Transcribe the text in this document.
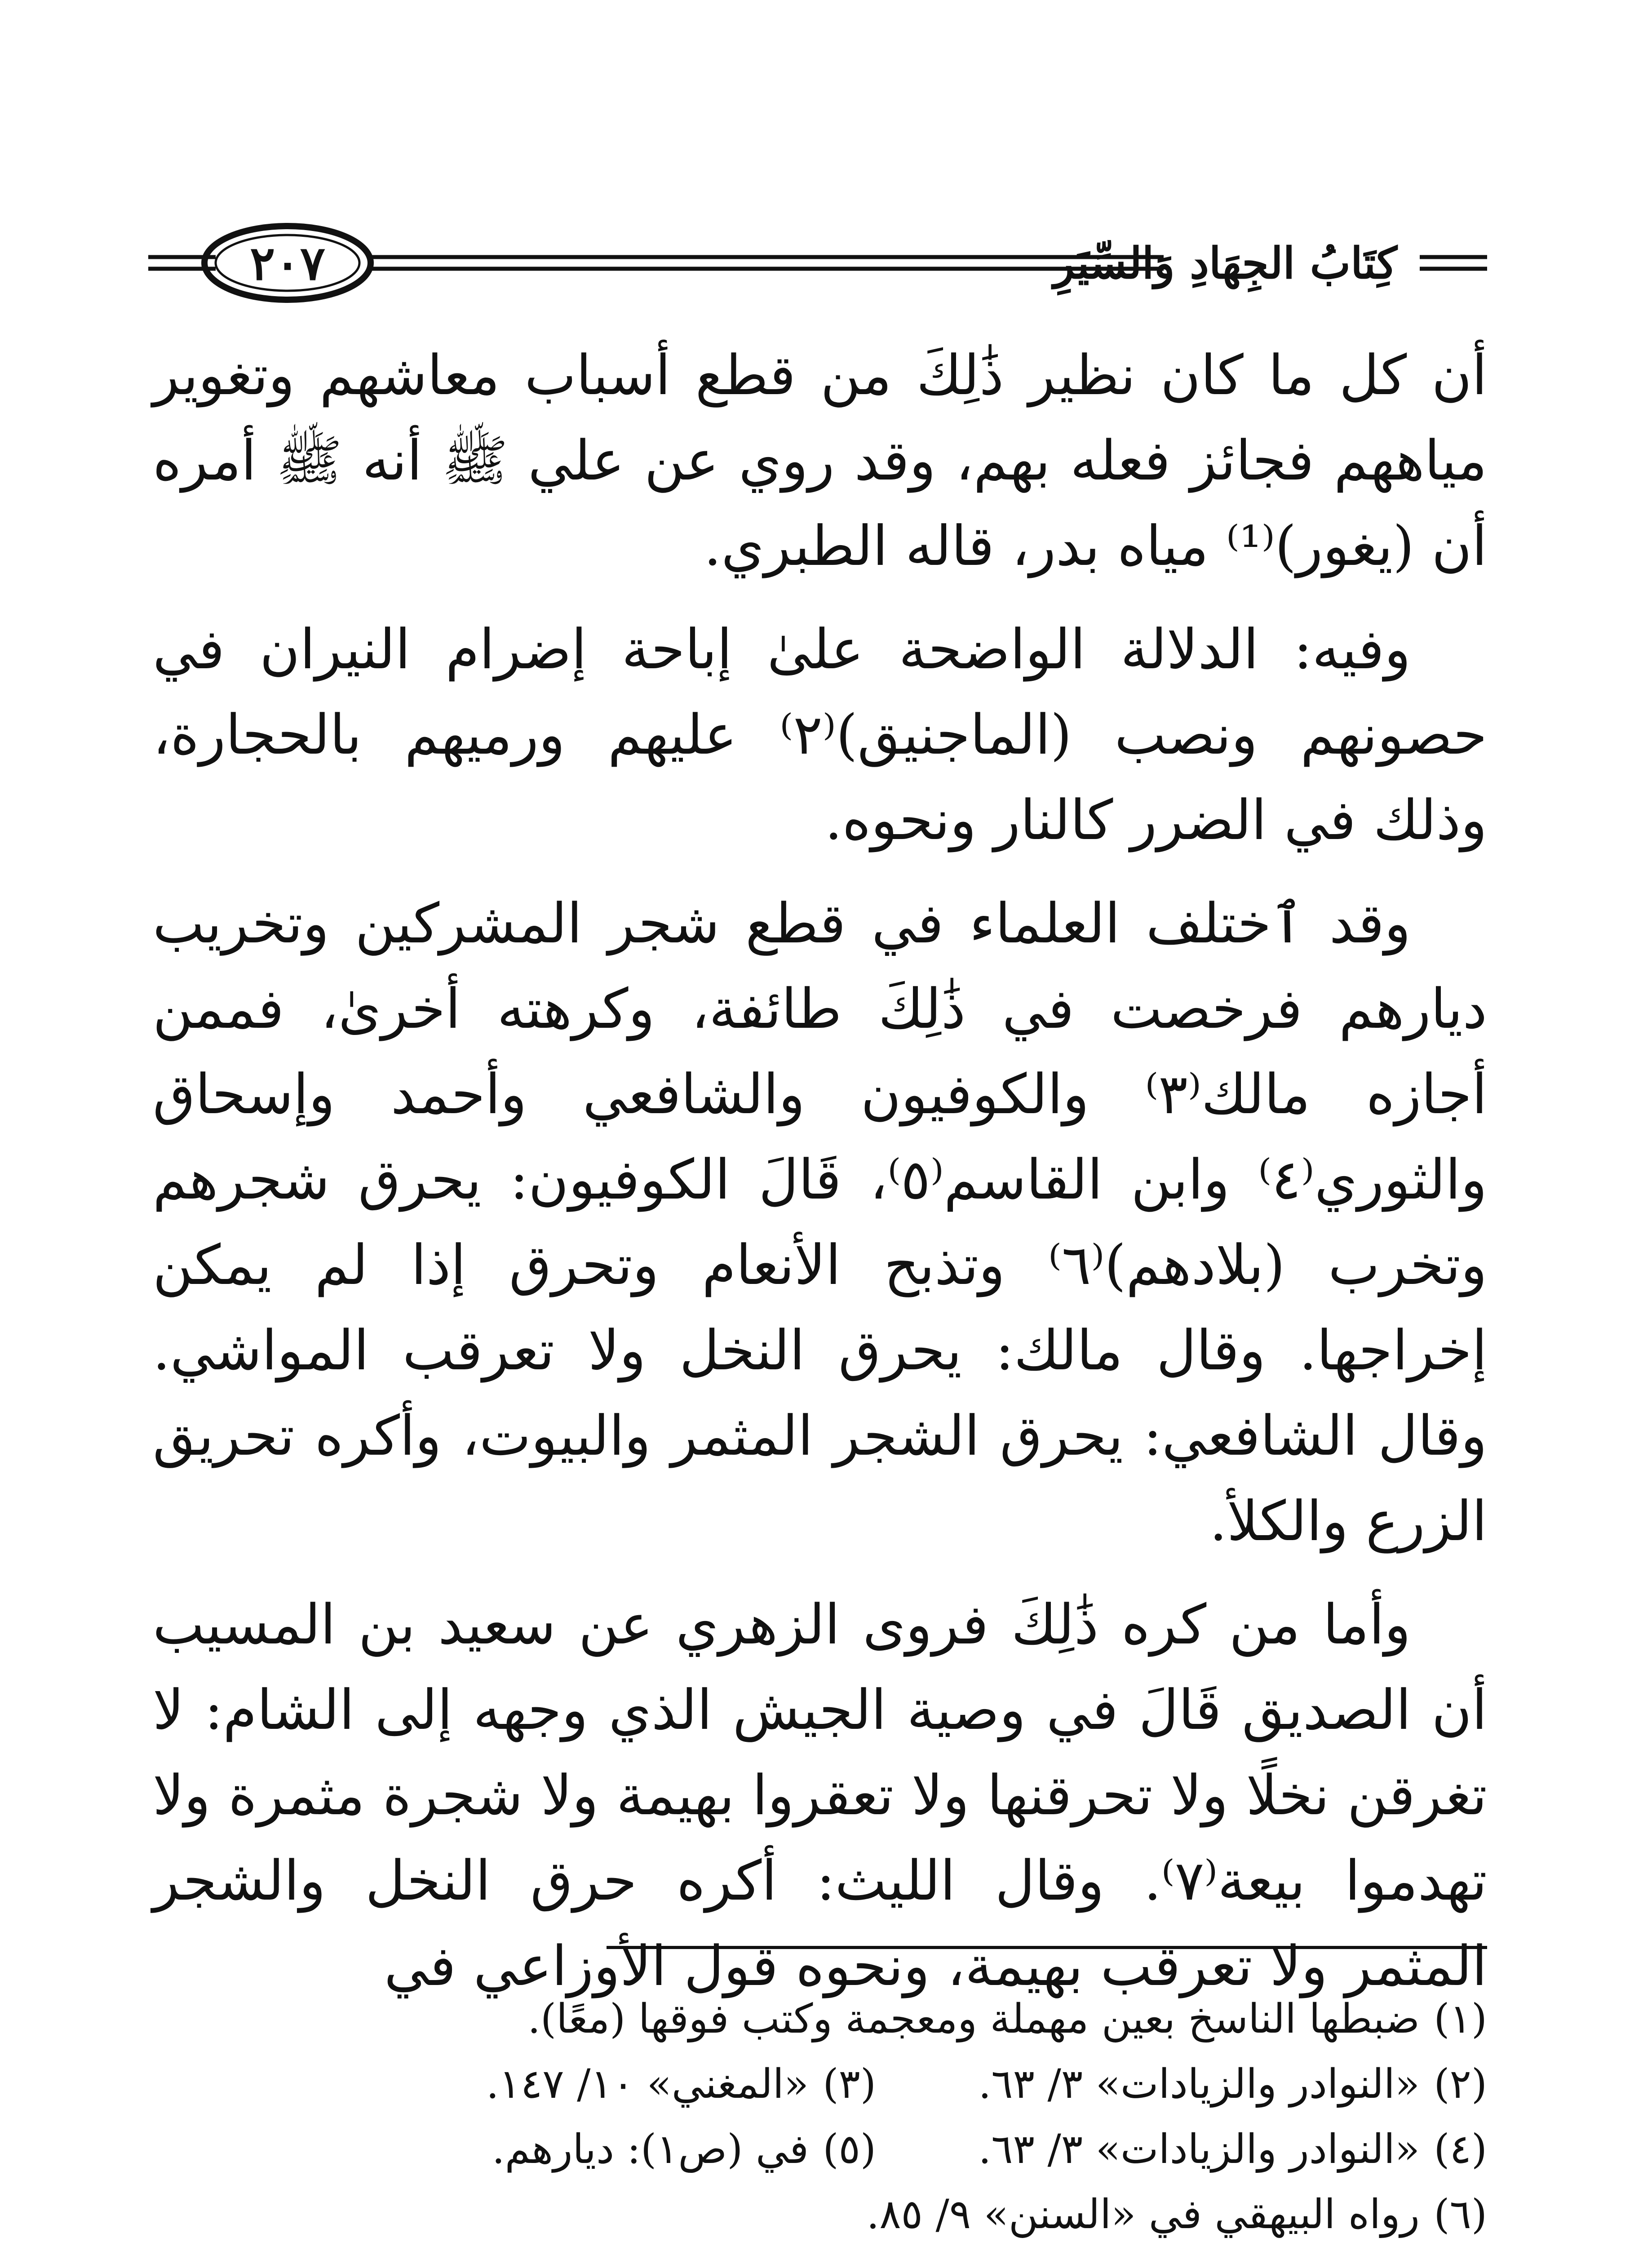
٢٠٧	كِتَابُ الجِهَادِ وَالسِّيَرِ

أن كل ما كان نظير ذَٰلِكَ من قطع أسباب معاشهم وتغوير مياههم فجائز فعله بهم، وقد روي عن علي ﷺ أنه ﷺ أمره أن (يغور)⁽¹⁾ مياه بدر، قاله الطبري.

وفيه: الدلالة الواضحة علىٰ إباحة إضرام النيران في حصونهم ونصب (الماجنيق)⁽٢⁾ عليهم ورميهم بالحجارة، وذلك في الضرر كالنار ونحوه.

وقد ٱختلف العلماء في قطع شجر المشركين وتخريب ديارهم فرخصت في ذَٰلِكَ طائفة، وكرهته أخرىٰ، فممن أجازه مالك⁽٣⁾ والكوفيون والشافعي وأحمد وإسحاق والثوري⁽٤⁾ وابن القاسم⁽٥⁾، قَالَ الكوفيون: يحرق شجرهم وتخرب (بلادهم)⁽٦⁾ وتذبح الأنعام وتحرق إذا لم يمكن إخراجها. وقال مالك: يحرق النخل ولا تعرقب المواشي. وقال الشافعي: يحرق الشجر المثمر والبيوت، وأكره تحريق الزرع والكلأ.

وأما من كره ذَٰلِكَ فروى الزهري عن سعيد بن المسيب أن الصديق قَالَ في وصية الجيش الذي وجهه إلى الشام: لا تغرقن نخلًا ولا تحرقنها ولا تعقروا بهيمة ولا شجرة مثمرة ولا تهدموا بيعة⁽٧⁾. وقال الليث: أكره حرق النخل والشجر المثمر ولا تعرقب بهيمة، ونحوه قول الأوزاعي في

(١)
ضبطها الناسخ بعين مهملة ومعجمة وكتب فوقها (معًا).
(٢)
«النوادر والزيادات» ٣/ ٦٣.
(٣)
«المغني» ١٠/ ١٤٧.
(٤)
«النوادر والزيادات» ٣/ ٦٣.
(٥)
في (ص١): ديارهم.
(٦)
رواه البيهقي في «السنن» ٩/ ٨٥.
